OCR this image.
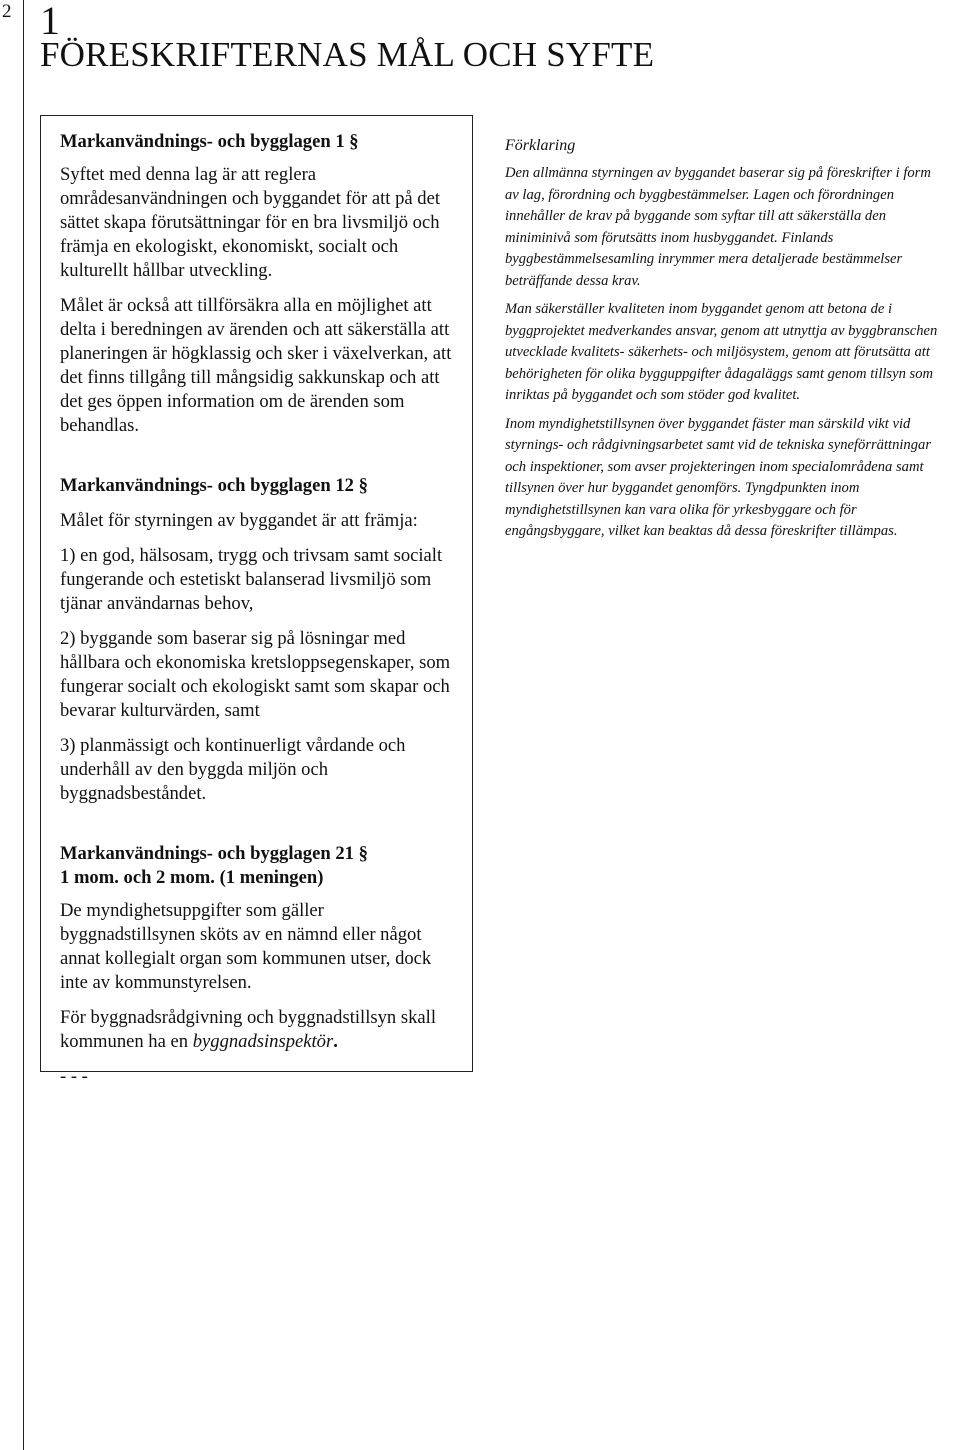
2 1
FÖRESKRIFTERNAS MÅL OCH SYFTE
Markanvändnings- och bygglagen 1 §

Syftet med denna lag är att reglera områdesanvändningen och byggandet för att på det sättet skapa förutsättningar för en bra livsmiljö och främja en ekologiskt, ekonomiskt, socialt och kulturellt hållbar utveckling.

Målet är också att tillförsäkra alla en möjlighet att delta i beredningen av ärenden och att säkerställa att planeringen är högklassig och sker i växelverkan, att det finns tillgång till mångsidig sakkunskap och att det ges öppen information om de ärenden som behandlas.

Markanvändnings- och bygglagen 12 §

Målet för styrningen av byggandet är att främja:

1) en god, hälsosam, trygg och trivsam samt socialt fungerande och estetiskt balanserad livsmiljö som tjänar användarnas behov,

2) byggande som baserar sig på lösningar med hållbara och ekonomiska kretsloppsegenskaper, som fungerar socialt och ekologiskt samt som skapar och bevarar kulturvärden, samt

3) planmässigt och kontinuerligt vårdande och underhåll av den byggda miljön och byggnadsbeståndet.

Markanvändnings- och bygglagen 21 §
1 mom. och 2 mom. (1 meningen)

De myndighetsuppgifter som gäller byggnadstillsynen sköts av en nämnd eller något annat kollegialt organ som kommunen utser, dock inte av kommunstyrelsen.

För byggnadsrådgivning och byggnadstillsyn skall kommunen ha en byggnadsinspektör.

- - -

Förklaring

Den allmänna styrningen av byggandet baserar sig på föreskrifter i form av lag, förordning och byggbestämmelser. Lagen och förordningen innehåller de krav på byggande som syftar till att säkerställa den miniminivå som förutsätts inom husbyggandet. Finlands byggbestämmelsesamling inrymmer mera detaljerade bestämmelser beträffande dessa krav.

Man säkerställer kvaliteten inom byggandet genom att betona de i byggprojektet medverkandes ansvar, genom att utnyttja av byggbranschen utvecklade kvalitets- säkerhets- och miljösystem, genom att förutsätta att behörigheten för olika bygguppgifter ådagaläggs samt genom tillsyn som inriktas på byggandet och som stöder god kvalitet.

Inom myndighetstillsynen över byggandet fäster man särskild vikt vid styrnings- och rådgivningsarbetet samt vid de tekniska syneförrättningar och inspektioner, som avser projekteringen inom specialområdena samt tillsynen över hur byggandet genomförs. Tyngdpunkten inom myndighetstillsynen kan vara olika för yrkesbyggare och för engångsbyggare, vilket kan beaktas då dessa föreskrifter tillämpas.
